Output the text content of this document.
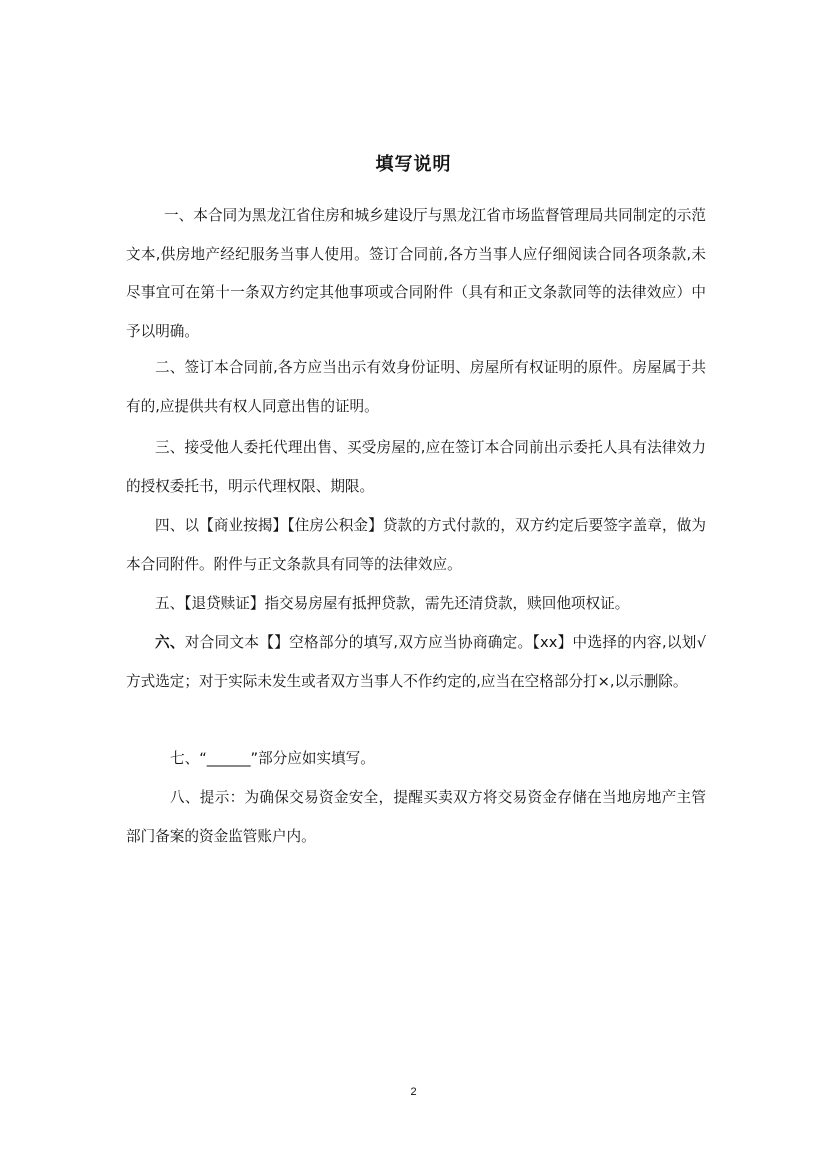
填写说明

一、本合同为黑龙江省住房和城乡建设厅与黑龙江省市场监督管理局共同制定的示范文本,供房地产经纪服务当事人使用。签订合同前,各方当事人应仔细阅读合同各项条款,未尽事宜可在第十一条双方约定其他事项或合同附件（具有和正文条款同等的法律效应）中予以明确。

二、签订本合同前,各方应当出示有效身份证明、房屋所有权证明的原件。房屋属于共有的,应提供共有权人同意出售的证明。

三、接受他人委托代理出售、买受房屋的,应在签订本合同前出示委托人具有法律效力的授权委托书，明示代理权限、期限。

四、以【商业按揭】【住房公积金】贷款的方式付款的，双方约定后要签字盖章，做为本合同附件。附件与正文条款具有同等的法律效应。

五、【退贷赎证】指交易房屋有抵押贷款，需先还清贷款，赎回他项权证。

六、对合同文本【】空格部分的填写,双方应当协商确定。【xx】中选择的内容,以划√方式选定；对于实际未发生或者双方当事人不作约定的,应当在空格部分打×,以示删除。

七、“______”部分应如实填写。

八、提示：为确保交易资金安全，提醒买卖双方将交易资金存储在当地房地产主管部门备案的资金监管账户内。

2
